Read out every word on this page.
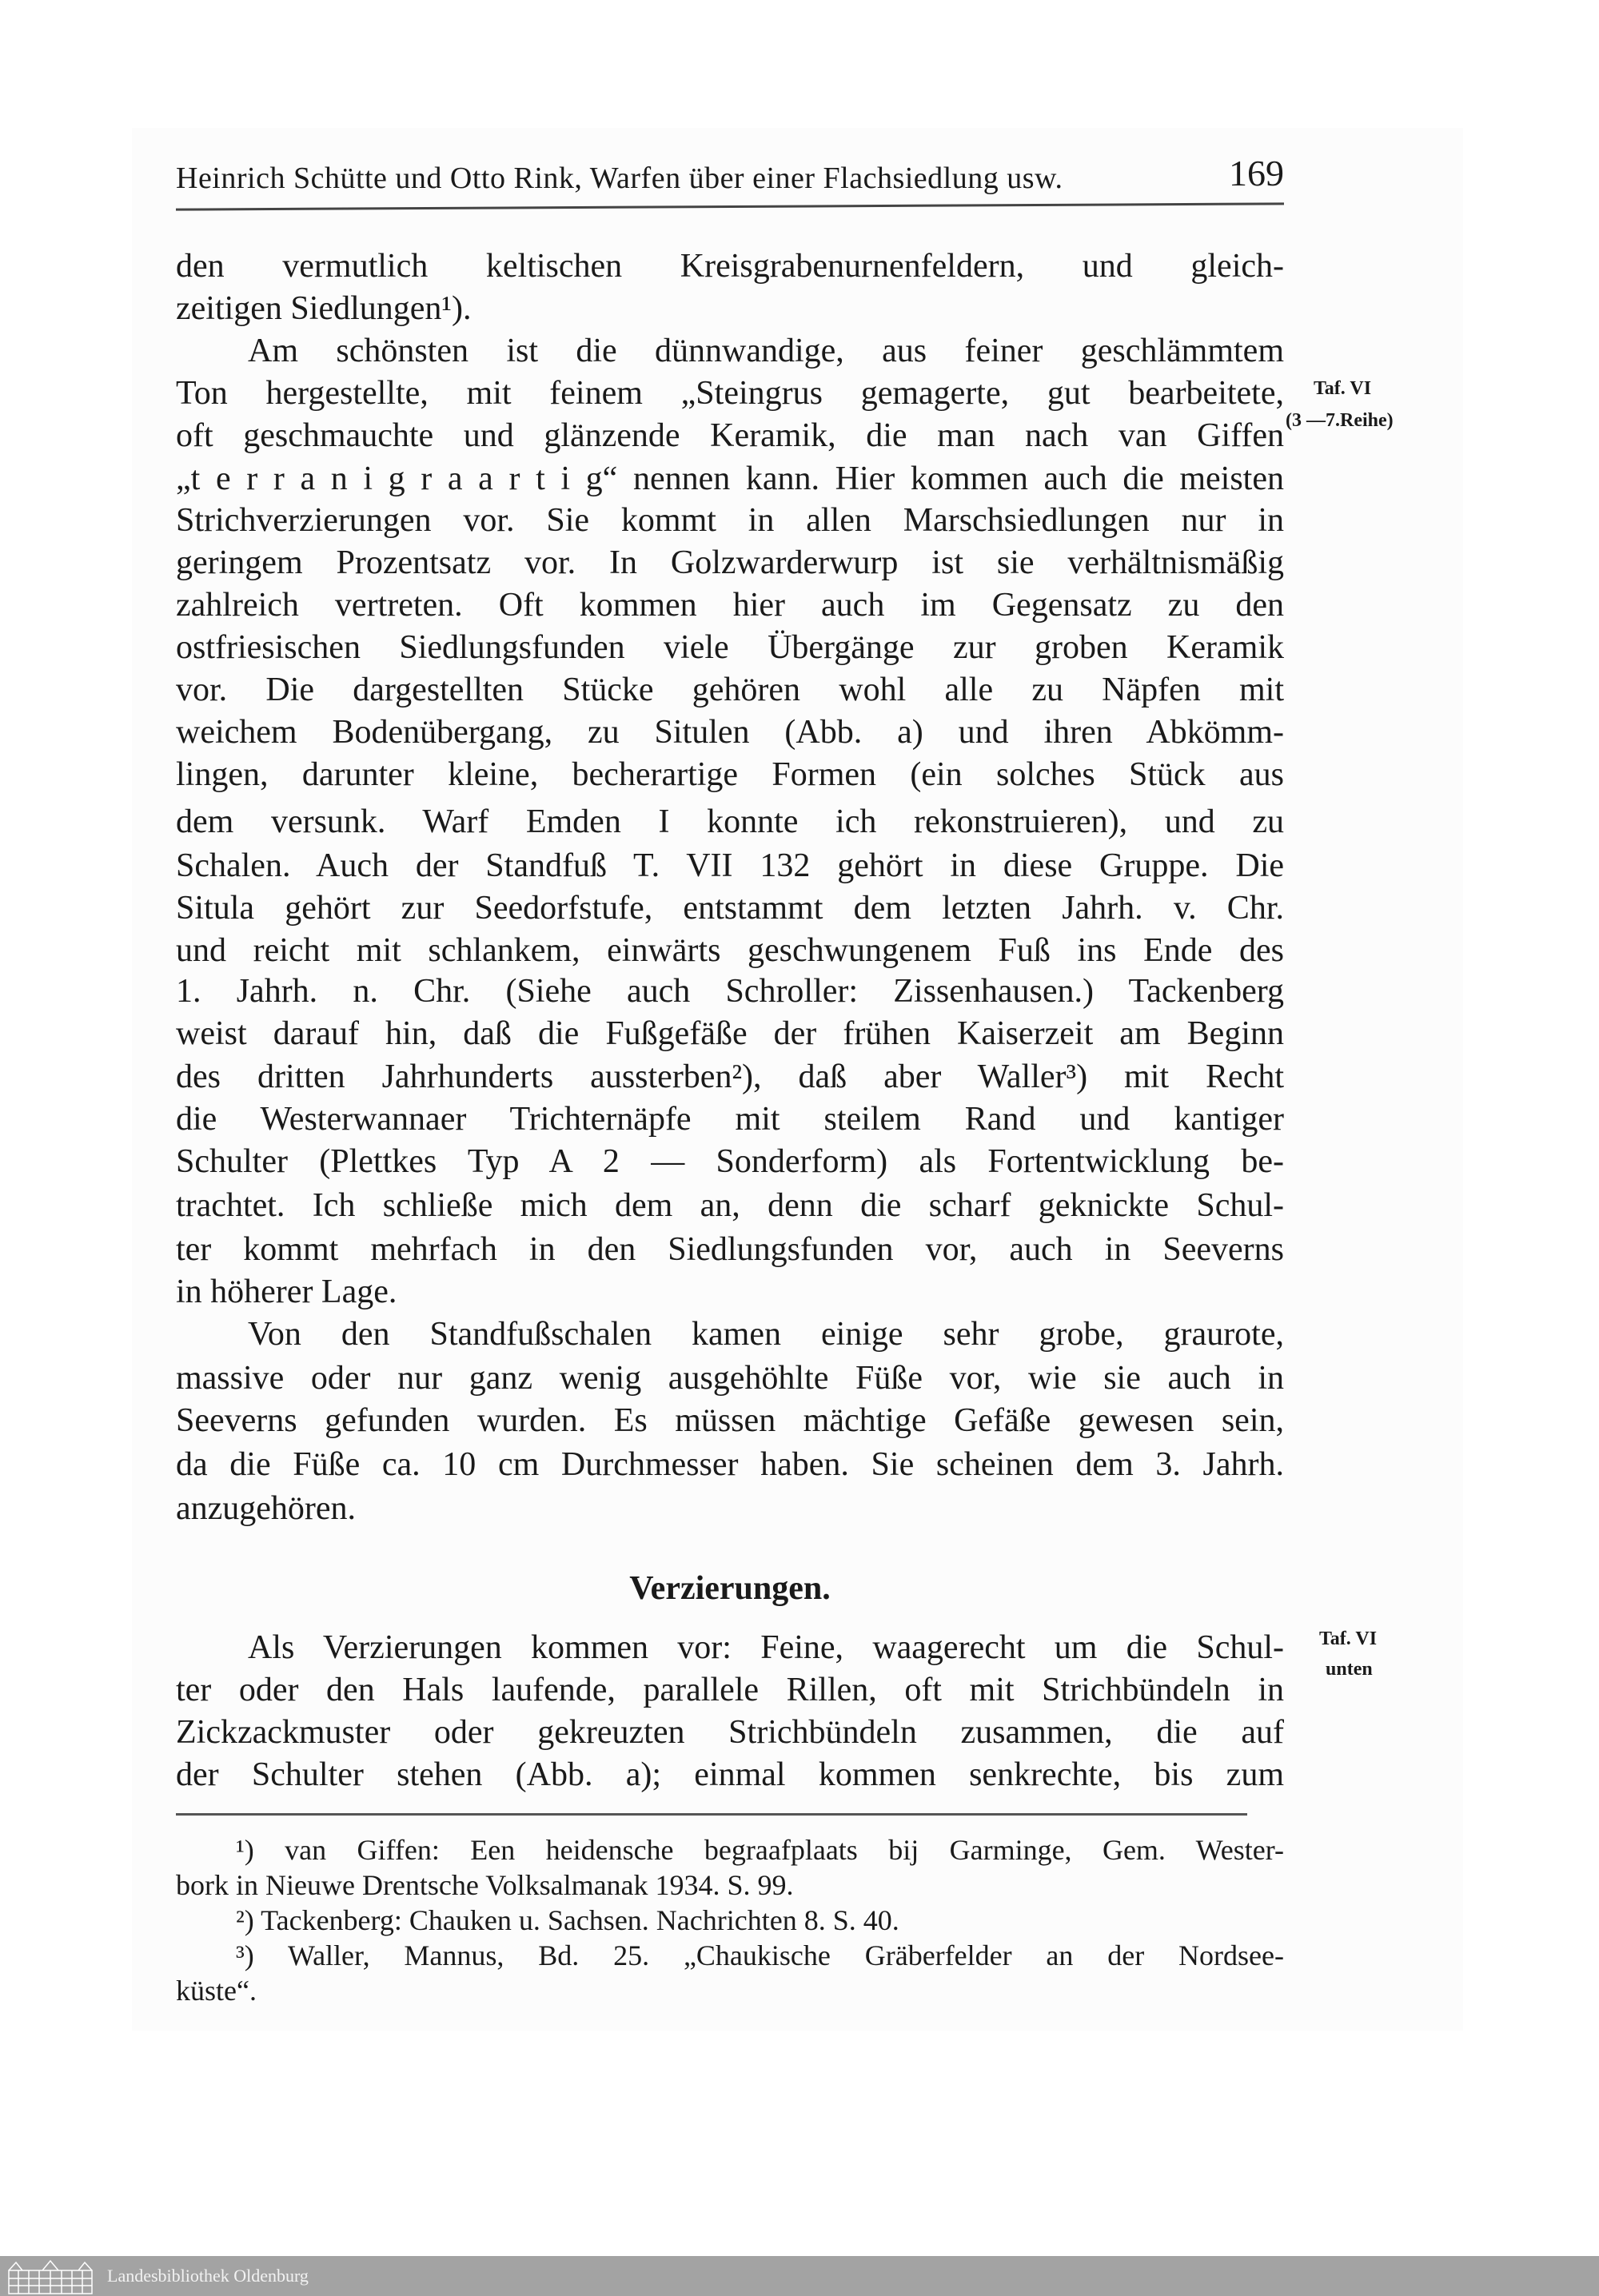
Heinrich Schütte und Otto Rink, Warfen über einer Flachsiedlung usw.	169
den vermutlich keltischen Kreisgrabenurnenfeldern, und gleich-
zeitigen Siedlungen¹).
Am schönsten ist die dünnwandige, aus feiner geschlämmtem
Ton hergestellte, mit feinem „Steingrus gemagerte, gut bearbeitete,
oft geschmauchte und glänzende Keramik, die man nach van Giffen
„t e r r a n i g r a a r t i g“ nennen kann. Hier kommen auch die meisten
Strichverzierungen vor. Sie kommt in allen Marschsiedlungen nur in
geringem Prozentsatz vor. In Golzwarderwurp ist sie verhältnismäßig
zahlreich vertreten. Oft kommen hier auch im Gegensatz zu den
ostfriesischen Siedlungsfunden viele Übergänge zur groben Keramik
vor. Die dargestellten Stücke gehören wohl alle zu Näpfen mit
weichem Bodenübergang, zu Situlen (Abb. a) und ihren Abkömm-
lingen, darunter kleine, becherartige Formen (ein solches Stück aus
dem versunk. Warf Emden I konnte ich rekonstruieren), und zu
Schalen. Auch der Standfuß T. VII 132 gehört in diese Gruppe. Die
Situla gehört zur Seedorfstufe, entstammt dem letzten Jahrh. v. Chr.
und reicht mit schlankem, einwärts geschwungenem Fuß ins Ende des
1. Jahrh. n. Chr. (Siehe auch Schroller: Zissenhausen.) Tackenberg
weist darauf hin, daß die Fußgefäße der frühen Kaiserzeit am Beginn
des dritten Jahrhunderts aussterben²), daß aber Waller³) mit Recht
die Westerwannaer Trichternäpfe mit steilem Rand und kantiger
Schulter (Plettkes Typ A 2 — Sonderform) als Fortentwicklung be-
trachtet. Ich schließe mich dem an, denn die scharf geknickte Schul-
ter kommt mehrfach in den Siedlungsfunden vor, auch in Seeverns
in höherer Lage.
Von den Standfußschalen kamen einige sehr grobe, graurote,
massive oder nur ganz wenig ausgehöhlte Füße vor, wie sie auch in
Seeverns gefunden wurden. Es müssen mächtige Gefäße gewesen sein,
da die Füße ca. 10 cm Durchmesser haben. Sie scheinen dem 3. Jahrh.
anzugehören.
Als Verzierungen kommen vor: Feine, waagerecht um die Schul-
ter oder den Hals laufende, parallele Rillen, oft mit Strichbündeln in
Zickzackmuster oder gekreuzten Strichbündeln zusammen, die auf
der Schulter stehen (Abb. a); einmal kommen senkrechte, bis zum
Verzierungen.
Taf. VI
(3 —7.Reihe)
Taf. VI
unten
¹) van Giffen: Een heidensche begraafplaats bij Garminge, Gem. Wester-
bork in Nieuwe Drentsche Volksalmanak 1934. S. 99.
²) Tackenberg: Chauken u. Sachsen. Nachrichten 8. S. 40.
³) Waller, Mannus, Bd. 25. „Chaukische Gräberfelder an der Nordsee-
küste“.
Landesbibliothek Oldenburg
